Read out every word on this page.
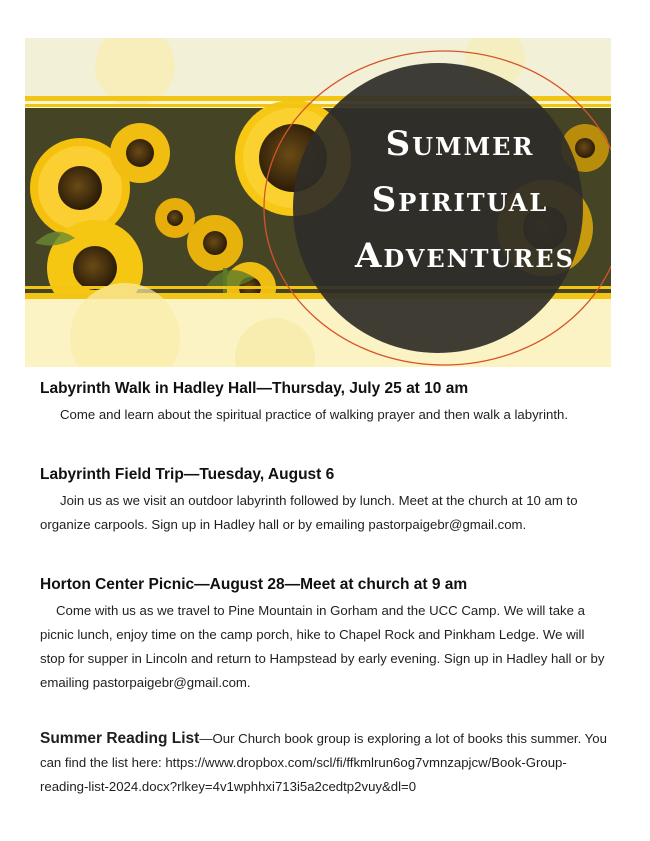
Summer
Spiritual
Adventures
Labyrinth Walk in Hadley Hall—Thursday, July 25 at 10 am
Come and learn about the spiritual practice of walking prayer and then walk a labyrinth.
Labyrinth Field Trip—Tuesday, August 6
Join us as we visit an outdoor labyrinth followed by lunch. Meet at the church at 10 am to organize carpools. Sign up in Hadley hall or by emailing pastorpaigebr@gmail.com.
Horton Center Picnic—August 28—Meet at church at 9 am
Come with us as we travel to Pine Mountain in Gorham and the UCC Camp. We will take a picnic lunch, enjoy time on the camp porch, hike to Chapel Rock and Pinkham Ledge. We will stop for supper in Lincoln and return to Hampstead by early evening. Sign up in Hadley hall or by emailing pastorpaigebr@gmail.com.
Summer Reading List—Our Church book group is exploring a lot of books this summer. You can find the list here: https://www.dropbox.com/scl/fi/ffkmlrun6og7vmnzapjcw/Book-Group-reading-list-2024.docx?rlkey=4v1wphhxi713i5a2cedtp2vuy&dl=0
